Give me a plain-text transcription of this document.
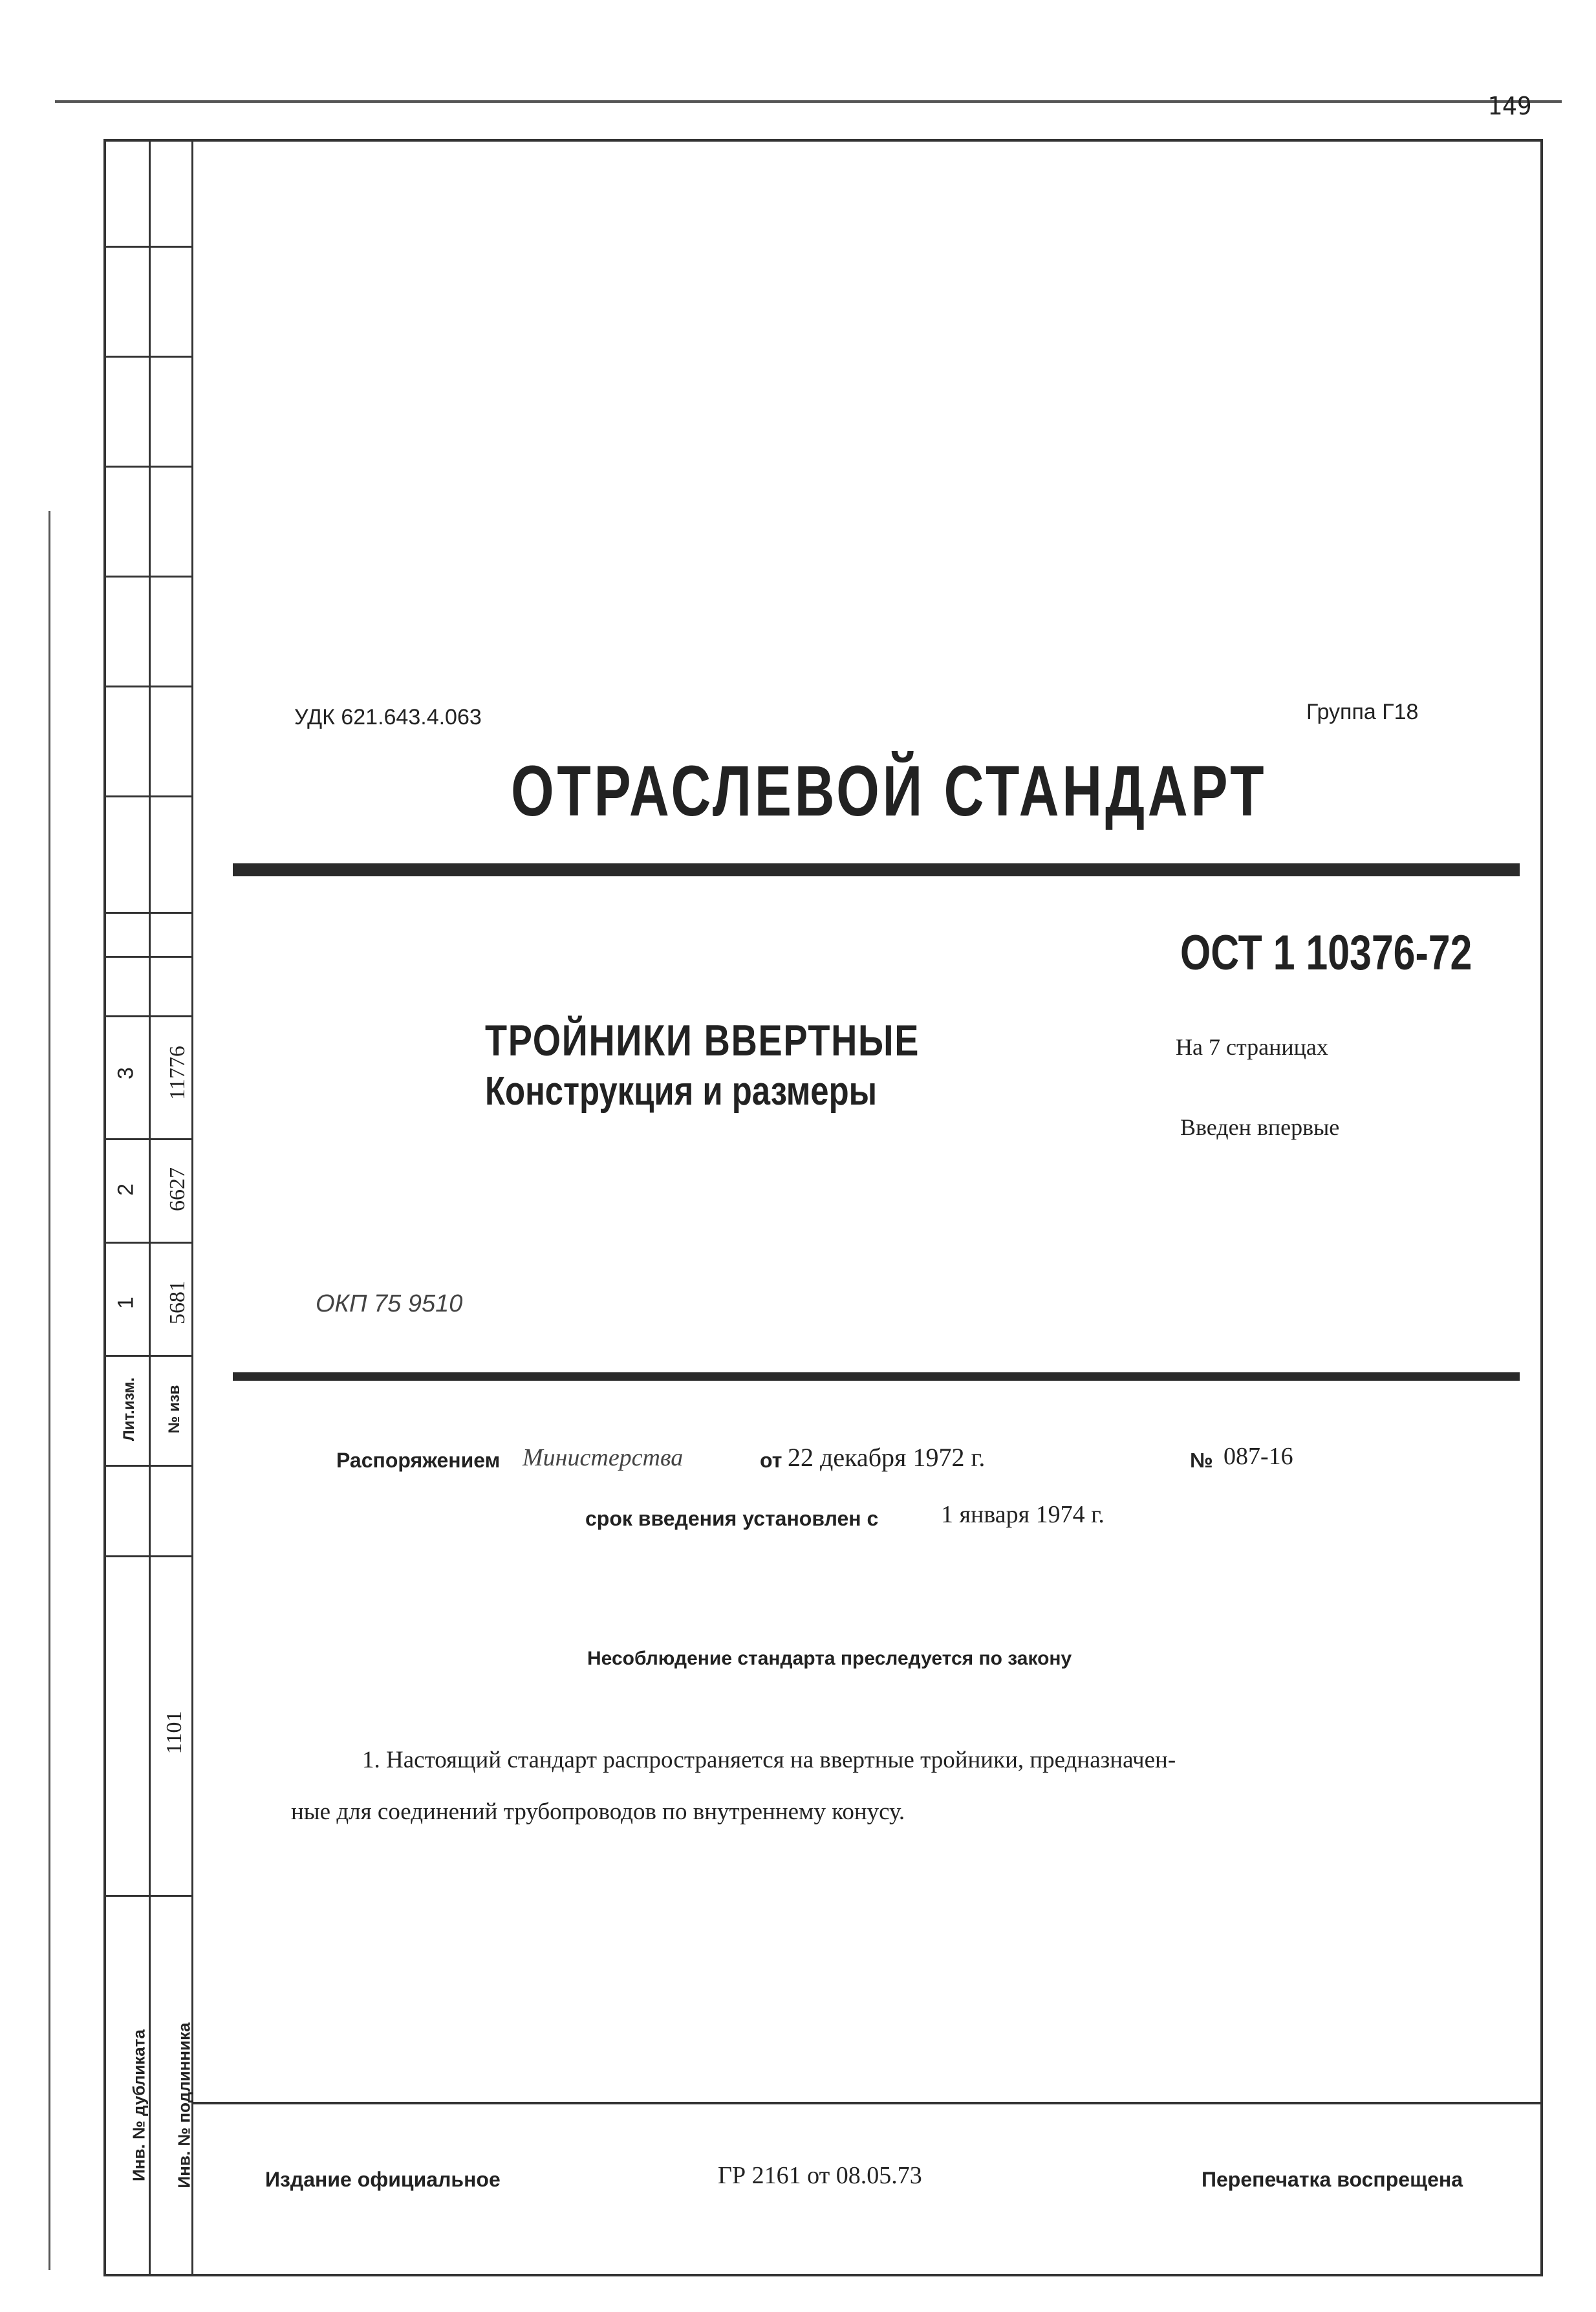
149
3 11776
2 6627
1 5681
Лит.изм. № изв
1101
Инв. № дубликата Инв. № подлинника
УДК 621.643.4.063	Группа Г18
ОТРАСЛЕВОЙ СТАНДАРТ
ОСТ 1 10376-72
ТРОЙНИКИ ВВЕРТНЫЕ
Конструкция и размеры
На 7 страницах
Введен впервые
ОКП 75 9510
Распоряжением Министерства	от 22 декабря 1972 г.	№ 087-16
срок введения установлен с	1 января 1974 г.
Несоблюдение стандарта преследуется по закону
1. Настоящий стандарт распространяется на ввертные тройники, предназначен-
ные для соединений трубопроводов по внутреннему конусу.
Издание официальное	ГР 2161 от 08.05.73	Перепечатка воспрещена
